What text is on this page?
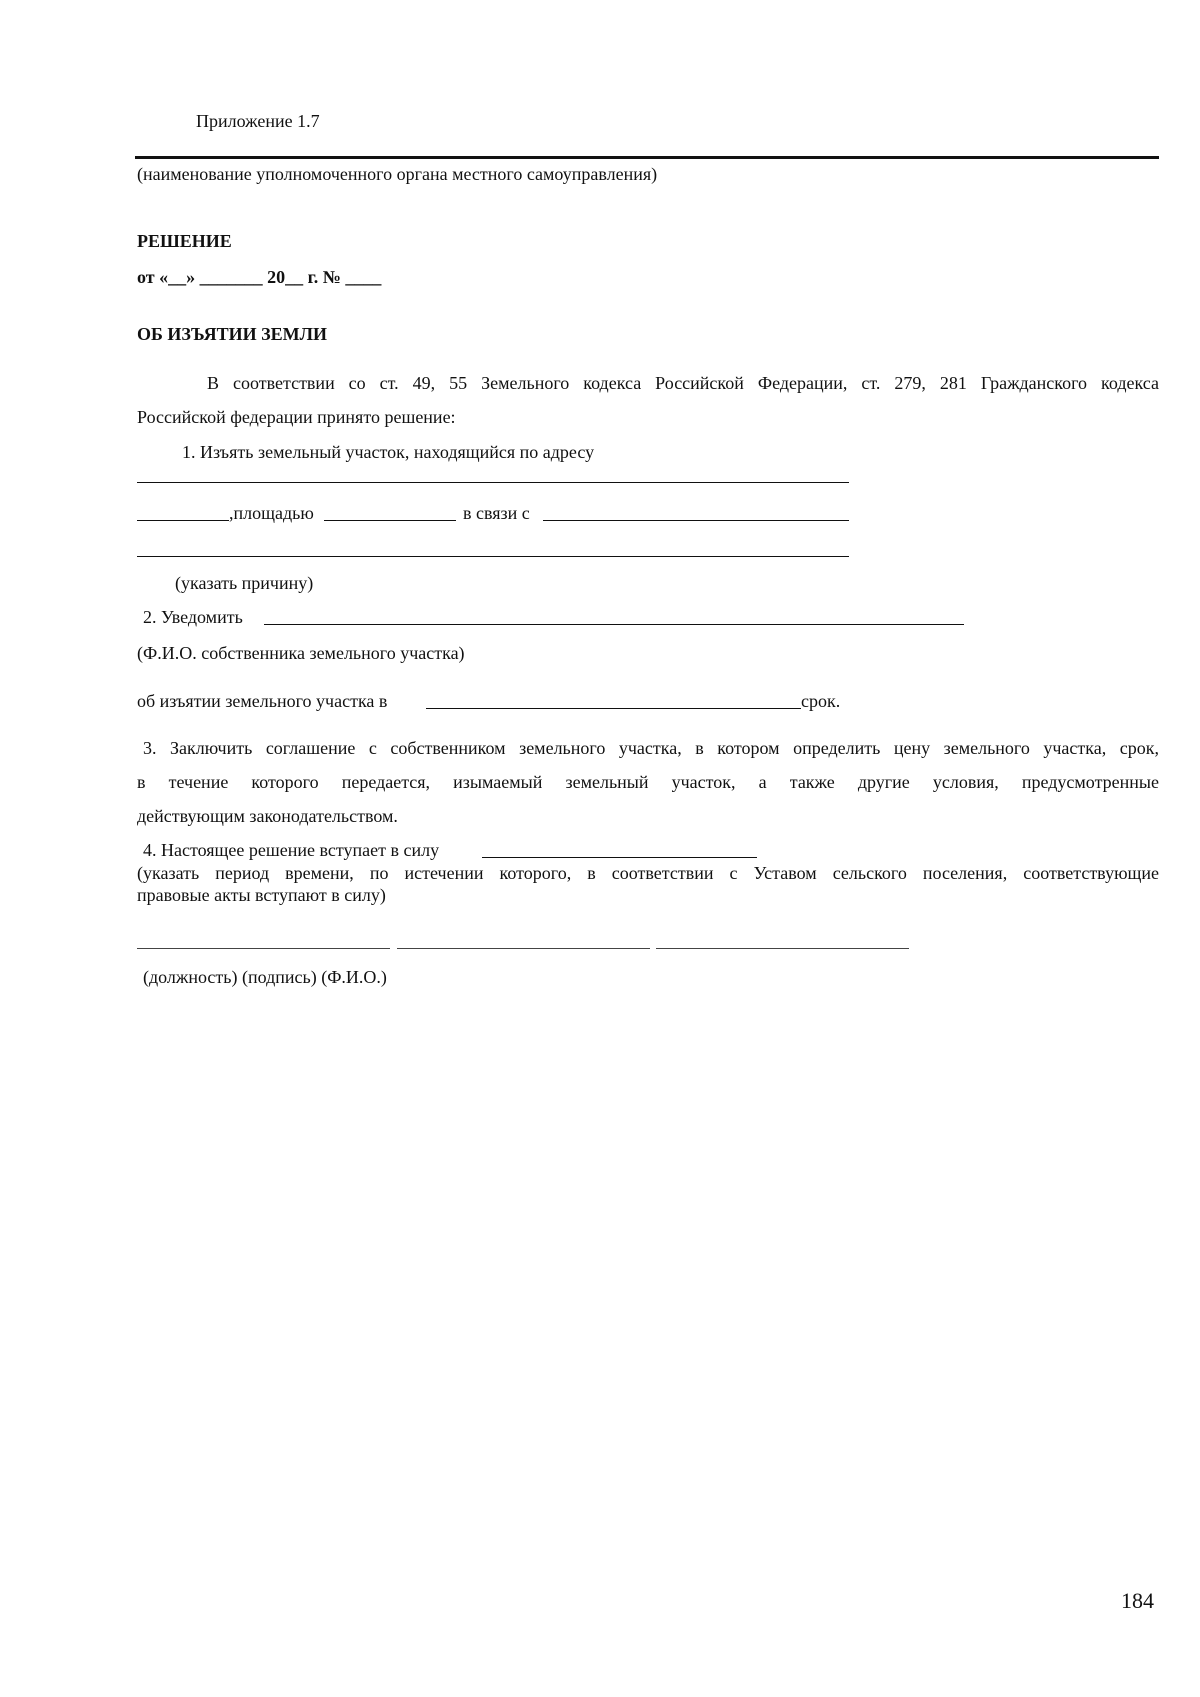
Приложение 1.7
(наименование уполномоченного органа местного самоуправления)
РЕШЕНИЕ
от «__» _______ 20__ г. № ____
ОБ ИЗЪЯТИИ ЗЕМЛИ
В соответствии со ст. 49, 55 Земельного кодекса Российской Федерации, ст. 279, 281 Гражданского кодекса
Российской федерации принято решение:
1. Изъять земельный участок, находящийся по адресу
,площадью	в связи с
(указать причину)
2. Уведомить
(Ф.И.О. собственника земельного участка)
об изъятии земельного участка в	срок.
3. Заключить соглашение с собственником земельного участка, в котором определить цену земельного участка, срок,
в течение которого передается, изымаемый земельный участок, а также другие условия, предусмотренные
действующим законодательством.
4. Настоящее решение вступает в силу
(указать период времени, по истечении которого, в соответствии с Уставом сельского поселения, соответствующие
правовые акты вступают в силу)
(должность) (подпись) (Ф.И.О.)
184
